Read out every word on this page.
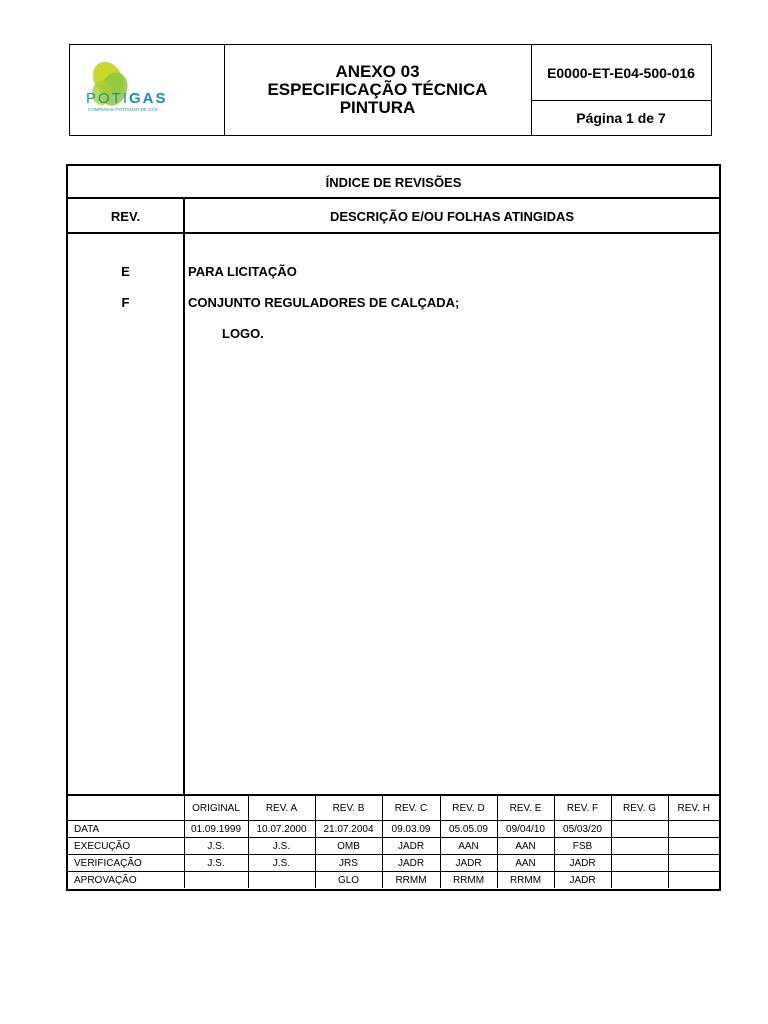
POTIGAS
COMPANHIA POTIGUAR DE GÁS
ANEXO 03
ESPECIFICAÇÃO TÉCNICA
PINTURA
E0000-ET-E04-500-016
Página 1 de 7
ÍNDICE DE REVISÕES
REV.	DESCRIÇÃO E/OU FOLHAS ATINGIDAS
E	PARA LICITAÇÃO
F	CONJUNTO REGULADORES DE CALÇADA;
LOGO.
	ORIGINAL	REV. A	REV. B	REV. C	REV. D	REV. E	REV. F	REV. G	REV. H
DATA	01.09.1999	10.07.2000	21.07.2004	09.03.09	05.05.09	09/04/10	05/03/20		
EXECUÇÃO	J.S.	J.S.	OMB	JADR	AAN	AAN	FSB		
VERIFICAÇÃO	J.S.	J.S.	JRS	JADR	JADR	AAN	JADR		
APROVAÇÃO			GLO	RRMM	RRMM	RRMM	JADR		
